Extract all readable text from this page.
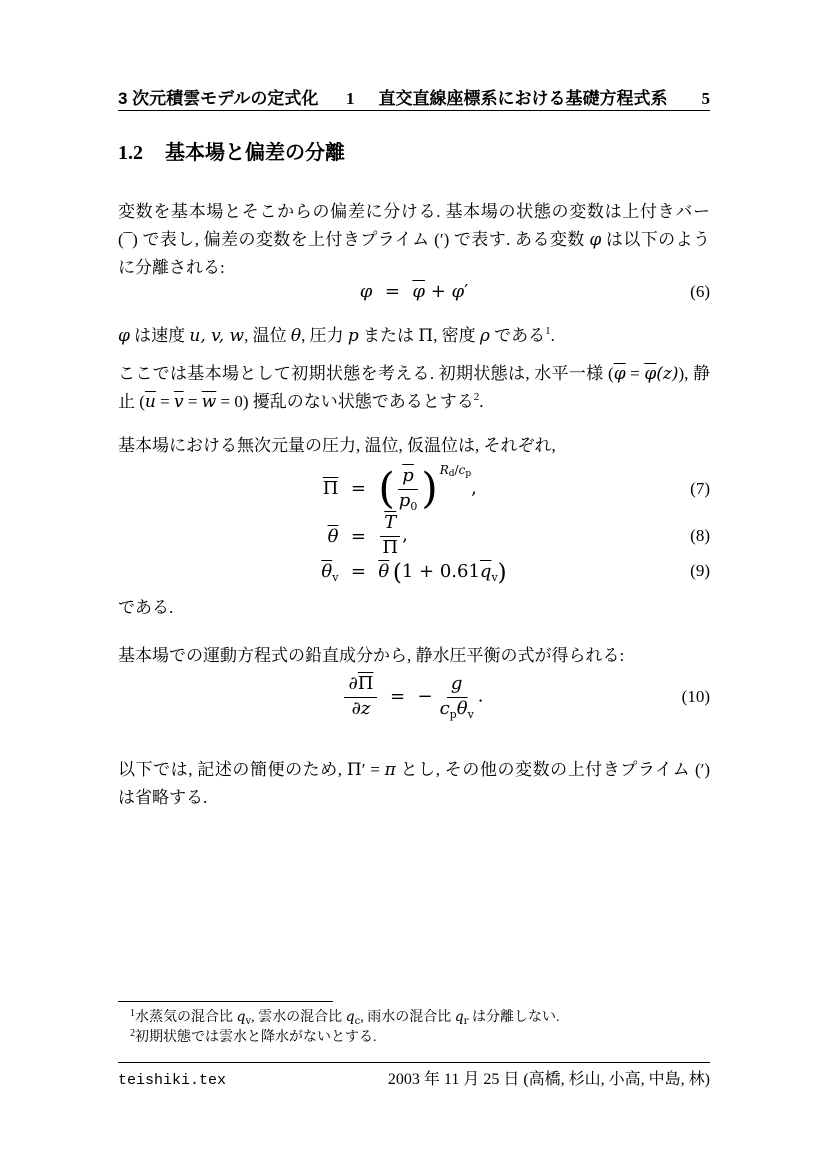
3 次元積雲モデルの定式化 1 直交直線座標系における基礎方程式系 5
1.2 基本場と偏差の分離

変数を基本場とそこからの偏差に分ける. 基本場の状態の変数は上付きバー (¯) で表し, 偏差の変数を上付きプライム (′) で表す. ある変数 φ は以下のように分離される:

$\varphi = \overline{\varphi} + \varphi'$	(6)

φ は速度 u, v, w, 温位 θ, 圧力 p または Π, 密度 ρ である$^1$.

ここでは基本場として初期状態を考える. 初期状態は, 水平一様 $(\overline{\varphi} = \overline{\varphi}(z))$, 静止 $(\overline{u} = \overline{v} = \overline{w} = 0)$ 擾乱のない状態であるとする$^2$.

基本場における無次元量の圧力, 温位, 仮温位は, それぞれ,

$\overline{\Pi}$ = ( $\frac{\overline{p}}{p_0}$ ) $^{R_d/c_p}$,	(7)
$\overline{\theta} = \frac{\overline{T}}{\Pi}$ ,	(8)
$\overline{\theta}_v = \overline{\theta}$  $(1 + 0.61\overline{q}_v)$	(9)

である.

基本場での運動方程式の鉛直成分から, 静水圧平衡の式が得られる:

$\frac{\partial\overline{\Pi}}{\partial z}$ = − $\frac{g}{c_p\overline{\theta}_v}$ .	(10)

以下では, 記述の簡便のため, Π′ = π とし, その他の変数の上付きプライム (′) は省略する.

$^1$水蒸気の混合比 $q_v$, 雲水の混合比 $q_c$, 雨水の混合比 $q_r$ は分離しない.
$^2$初期状態では雲水と降水がないとする.
teishiki.tex	2003 年 11 月 25 日 (高橋, 杉山, 小高, 中島, 林)
